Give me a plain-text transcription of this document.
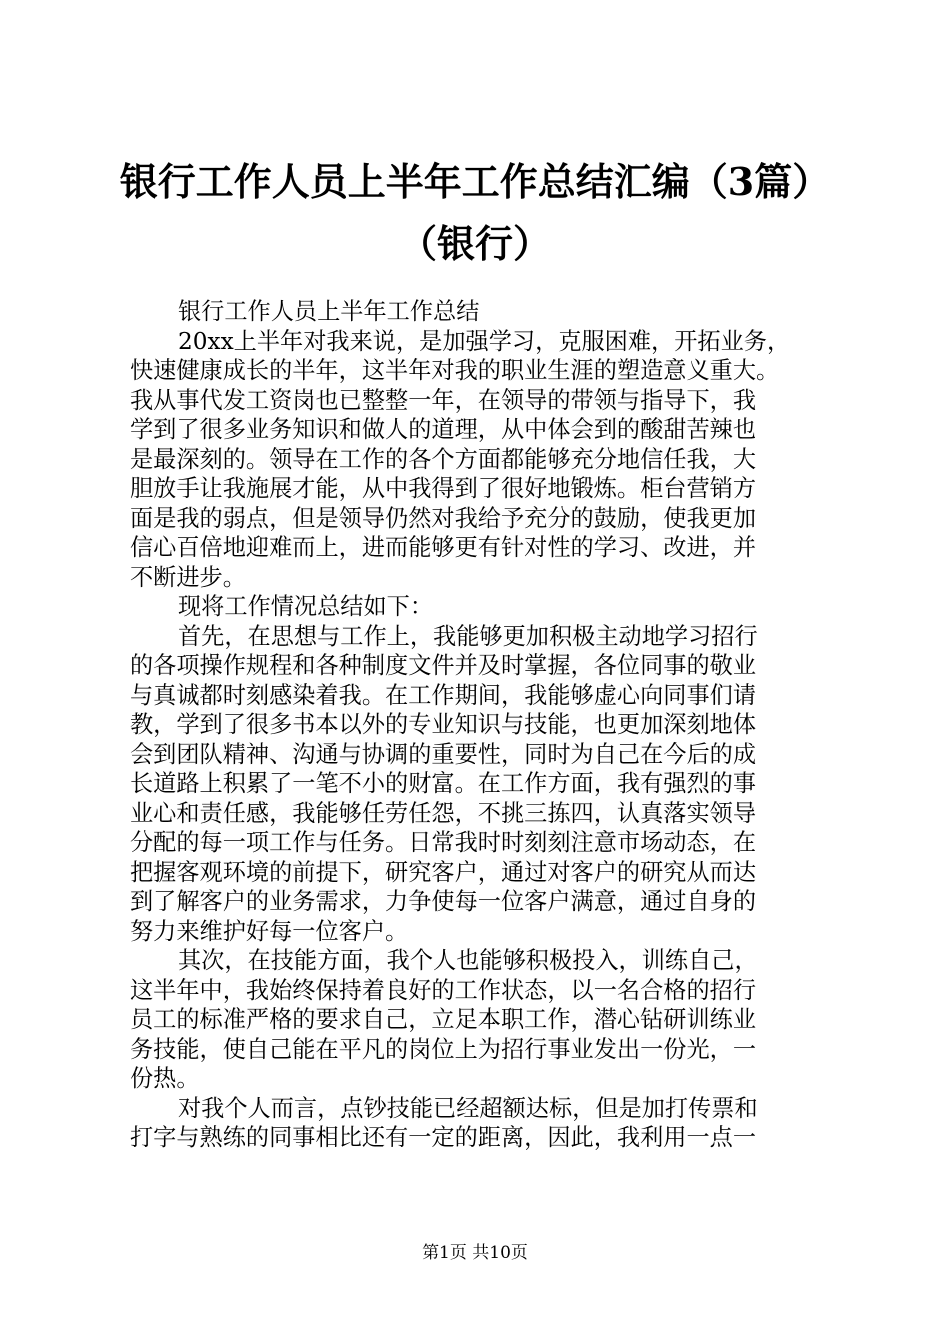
银行工作人员上半年工作总结汇编（3篇）
（银行）
银行工作人员上半年工作总结
20xx上半年对我来说，是加强学习，克服困难，开拓业务，
快速健康成长的半年，这半年对我的职业生涯的塑造意义重大。
我从事代发工资岗也已整整一年，在领导的带领与指导下，我
学到了很多业务知识和做人的道理，从中体会到的酸甜苦辣也
是最深刻的。领导在工作的各个方面都能够充分地信任我，大
胆放手让我施展才能，从中我得到了很好地锻炼。柜台营销方
面是我的弱点，但是领导仍然对我给予充分的鼓励，使我更加
信心百倍地迎难而上，进而能够更有针对性的学习、改进，并
不断进步。
现将工作情况总结如下：
首先，在思想与工作上，我能够更加积极主动地学习招行
的各项操作规程和各种制度文件并及时掌握，各位同事的敬业
与真诚都时刻感染着我。在工作期间，我能够虚心向同事们请
教，学到了很多书本以外的专业知识与技能，也更加深刻地体
会到团队精神、沟通与协调的重要性，同时为自己在今后的成
长道路上积累了一笔不小的财富。在工作方面，我有强烈的事
业心和责任感，我能够任劳任怨，不挑三拣四，认真落实领导
分配的每一项工作与任务。日常我时时刻刻注意市场动态，在
把握客观环境的前提下，研究客户，通过对客户的研究从而达
到了解客户的业务需求，力争使每一位客户满意，通过自身的
努力来维护好每一位客户。
其次，在技能方面，我个人也能够积极投入，训练自己，
这半年中，我始终保持着良好的工作状态，以一名合格的招行
员工的标准严格的要求自己，立足本职工作，潜心钻研训练业
务技能，使自己能在平凡的岗位上为招行事业发出一份光，一
份热。
对我个人而言，点钞技能已经超额达标，但是加打传票和
打字与熟练的同事相比还有一定的距离，因此，我利用一点一
第1页 共10页
